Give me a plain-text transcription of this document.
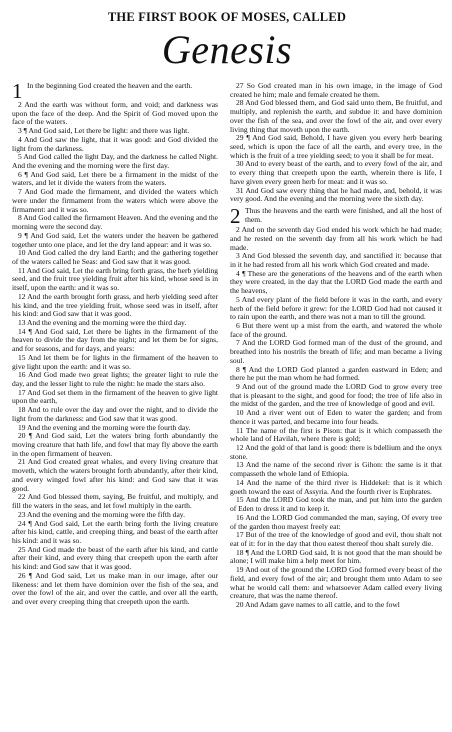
THE FIRST BOOK OF MOSES, CALLED
Genesis
1 In the beginning God created the heaven and the earth.

2 And the earth was without form, and void; and darkness was upon the face of the deep. And the Spirit of God moved upon the face of the waters.

3 ¶ And God said, Let there be light: and there was light.

4 And God saw the light, that it was good: and God divided the light from the darkness.

5 And God called the light Day, and the darkness he called Night. And the evening and the morning were the first day.

6 ¶ And God said, Let there be a firmament in the midst of the waters, and let it divide the waters from the waters.

7 And God made the firmament, and divided the waters which were under the firmament from the waters which were above the firmament: and it was so.

8 And God called the firmament Heaven. And the evening and the morning were the second day.

9 ¶ And God said, Let the waters under the heaven be gathered together unto one place, and let the dry land appear: and it was so.

10 And God called the dry land Earth; and the gathering together of the waters called he Seas: and God saw that it was good.

11 And God said, Let the earth bring forth grass, the herb yielding seed, and the fruit tree yielding fruit after his kind, whose seed is in itself, upon the earth: and it was so.

12 And the earth brought forth grass, and herb yielding seed after his kind, and the tree yielding fruit, whose seed was in itself, after his kind: and God saw that it was good.

13 And the evening and the morning were the third day.

14 ¶ And God said, Let there be lights in the firmament of the heaven to divide the day from the night; and let them be for signs, and for seasons, and for days, and years:

15 And let them be for lights in the firmament of the heaven to give light upon the earth: and it was so.

16 And God made two great lights; the greater light to rule the day, and the lesser light to rule the night: he made the stars also.

17 And God set them in the firmament of the heaven to give light upon the earth,

18 And to rule over the day and over the night, and to divide the light from the darkness: and God saw that it was good.

19 And the evening and the morning were the fourth day.

20 ¶ And God said, Let the waters bring forth abundantly the moving creature that hath life, and fowl that may fly above the earth in the open firmament of heaven.

21 And God created great whales, and every living creature that moveth, which the waters brought forth abundantly, after their kind, and every winged fowl after his kind: and God saw that it was good.

22 And God blessed them, saying, Be fruitful, and multiply, and fill the waters in the seas, and let fowl multiply in the earth.

23 And the evening and the morning were the fifth day.

24 ¶ And God said, Let the earth bring forth the living creature after his kind, cattle, and creeping thing, and beast of the earth after his kind: and it was so.

25 And God made the beast of the earth after his kind, and cattle after their kind, and every thing that creepeth upon the earth after his kind: and God saw that it was good.

26 ¶ And God said, Let us make man in our image, after our likeness: and let them have dominion over the fish of the sea, and over the fowl of the air, and over the cattle, and over all the earth, and over every creeping thing that creepeth upon the earth.

27 So God created man in his own image, in the image of God created he him; male and female created he them.

28 And God blessed them, and God said unto them, Be fruitful, and multiply, and replenish the earth, and subdue it: and have dominion over the fish of the sea, and over the fowl of the air, and over every living thing that moveth upon the earth.

29 ¶ And God said, Behold, I have given you every herb bearing seed, which is upon the face of all the earth, and every tree, in the which is the fruit of a tree yielding seed; to you it shall be for meat.

30 And to every beast of the earth, and to every fowl of the air, and to every thing that creepeth upon the earth, wherein there is life, I have given every green herb for meat: and it was so.

31 And God saw every thing that he had made, and, behold, it was very good. And the evening and the morning were the sixth day.

2 Thus the heavens and the earth were finished, and all the host of them.

2 And on the seventh day God ended his work which he had made; and he rested on the seventh day from all his work which he had made.

3 And God blessed the seventh day, and sanctified it: because that in it he had rested from all his work which God created and made.

4 ¶ These are the generations of the heavens and of the earth when they were created, in the day that the LORD God made the earth and the heavens,

5 And every plant of the field before it was in the earth, and every herb of the field before it grew: for the LORD God had not caused it to rain upon the earth, and there was not a man to till the ground.

6 But there went up a mist from the earth, and watered the whole face of the ground.

7 And the LORD God formed man of the dust of the ground, and breathed into his nostrils the breath of life; and man became a living soul.

8 ¶ And the LORD God planted a garden eastward in Eden; and there he put the man whom he had formed.

9 And out of the ground made the LORD God to grow every tree that is pleasant to the sight, and good for food; the tree of life also in the midst of the garden, and the tree of knowledge of good and evil.

10 And a river went out of Eden to water the garden; and from thence it was parted, and became into four heads.

11 The name of the first is Pison: that is it which compasseth the whole land of Havilah, where there is gold;

12 And the gold of that land is good: there is bdellium and the onyx stone.

13 And the name of the second river is Gihon: the same is it that compasseth the whole land of Ethiopia.

14 And the name of the third river is Hiddekel: that is it which goeth toward the east of Assyria. And the fourth river is Euphrates.

15 And the LORD God took the man, and put him into the garden of Eden to dress it and to keep it.

16 And the LORD God commanded the man, saying, Of every tree of the garden thou mayest freely eat:

17 But of the tree of the knowledge of good and evil, thou shalt not eat of it: for in the day that thou eatest thereof thou shalt surely die.

18 ¶ And the LORD God said, It is not good that the man should be alone; I will make him a help meet for him.

19 And out of the ground the LORD God formed every beast of the field, and every fowl of the air; and brought them unto Adam to see what he would call them: and whatsoever Adam called every living creature, that was the name thereof.

20 And Adam gave names to all cattle, and to the fowl
